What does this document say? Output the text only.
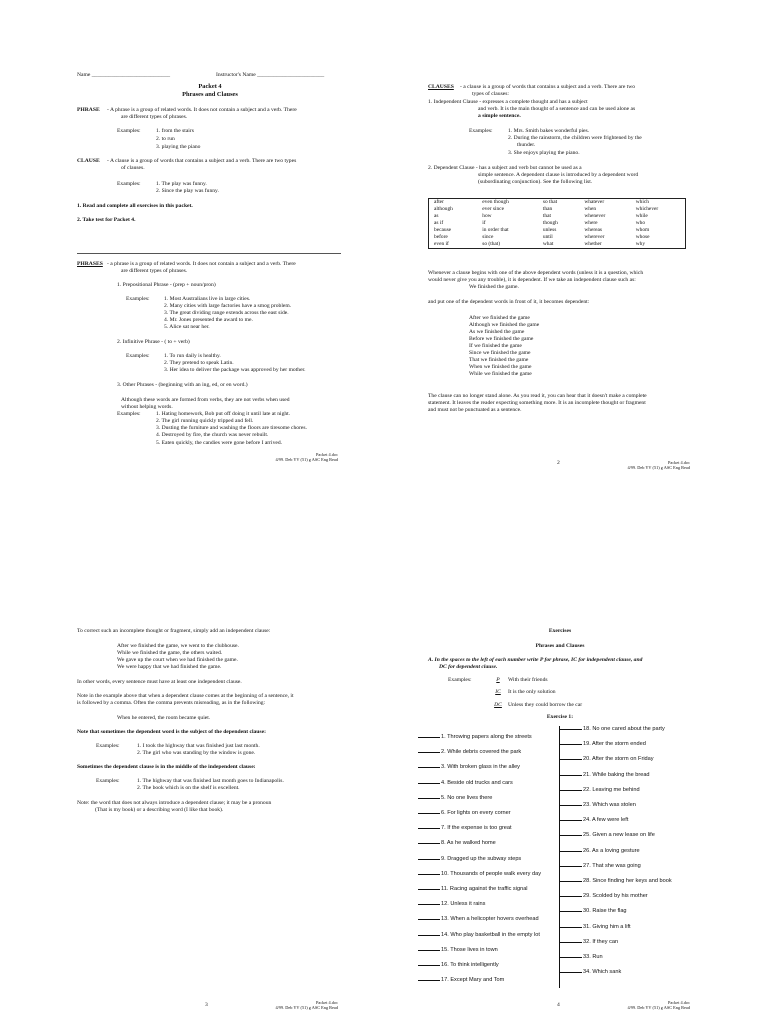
Name ____________________________	Instructor's Name ________________________
Packet 4
Phrases and Clauses
PHRASE - A phrase is a group of related words. It does not contain a subject and a verb. There
are different types of phrases.
Examples:	1. from the stairs
2. to run
3. playing the piano
CLAUSE - A clause is a group of words that contains a subject and a verb. There are two types
of clauses.
Examples:	1. The play was funny.
2. Since the play was funny.
1. Read and complete all exercises in this packet.
2. Take test for Packet 4.
PHRASES - a phrase is a group of related words. It does not contain a subject and a verb. There
are different types of phrases.
1. Prepositional Phrase - (prep + noun/pron)
Examples:	1. Most Australians live in large cities.
2. Many cities with large factories have a smog problem.
3. The great dividing range extends across the east side.
4. Mr. Jones presented the award to me.
5. Alice sat near her.
2. Infinitive Phrase - ( to + verb)
Examples:	1. To run daily is healthy.
2. They pretend to speak Latin.
3. Her idea to deliver the package was approved by her mother.
3. Other Phrases - (beginning with an ing, ed, or en word.)
Although these words are formed from verbs, they are not verbs when used
without helping words.
Examples:	1. Hating homework, Bob put off doing it until late at night.
2. The girl running quickly tripped and fell.
3. Dusting the furniture and washing the floors are tiresome chores.
4. Destroyed by fire, the church was never rebuilt.
5. Eaten quickly, the candies were gone before I arrived.
Packet 4.doc
4/99. Deb YV (51) g ASC Eng Read
CLAUSES - a clause is a group of words that contains a subject and a verb. There are two
types of clauses:
1. Independent Clause - expresses a complete thought and has a subject
and verb. It is the main thought of a sentence and can be used alone as
a simple sentence.
Examples:	1. Mrs. Smith bakes wonderful pies.
2. During the rainstorm, the children were frightened by the
thunder.
3. She enjoys playing the piano.
2. Dependent Clause - has a subject and verb but cannot be used as a
simple sentence. A dependent clause is introduced by a dependent word
(subordinating conjunction). See the following list.
after	even though	so that	whatever	which
although	ever since	than	when	whichever
as	how	that	whenever	while
as if	if	though	where	who
because	in order that	unless	whereas	whom
before	since	until	wherever	whose
even if	so (that)	what	whether	why
Whenever a clause begins with one of the above dependent words (unless it is a question, which
would never give you any trouble), it is dependent. If we take an independent clause such as:
We finished the game.
and put one of the dependent words in front of it, it becomes dependent:
After we finished the game
Although we finished the game
As we finished the game
Before we finished the game
If we finished the game
Since we finished the game
That we finished the game
When we finished the game
While we finished the game
The clause can no longer stand alone. As you read it, you can hear that it doesn't make a complete
statement. It leaves the reader expecting something more. It is an incomplete thought or fragment
and must not be punctuated as a sentence.
2	Packet 4.doc
4/99. Deb YV (51) g ASC Eng Read
To correct such an incomplete thought or fragment, simply add an independent clause:
After we finished the game, we went to the clubhouse.
While we finished the game, the others waited.
We gave up the court when we had finished the game.
We were happy that we had finished the game.
In other words, every sentence must have at least one independent clause.
Note in the example above that when a dependent clause comes at the beginning of a sentence, it
is followed by a comma. Often the comma prevents misreading, as in the following:
When he entered, the room became quiet.
Note that sometimes the dependent word is the subject of the dependent clause:
Examples:	1. I took the highway that was finished just last month.
2. The girl who was standing by the window is gone.
Sometimes the dependent clause is in the middle of the independent clause:
Examples:	1. The highway that was finished last month goes to Indianapolis.
2. The book which is on the shelf is excellent.
Note: the word that does not always introduce a dependent clause; it may be a pronoun
(That is my book) or a describing word (I like that book).
3	Packet 4.doc
4/99. Deb YV (51) g ASC Eng Read
Exercises
Phrases and Clauses
A. In the spaces to the left of each number write P for phrase, IC for independent clause, and
DC for dependent clause.
Examples:	P With their friends
IC It is the only solution
DC Unless they could borrow the car
Exercise 1:
4	Packet 4.doc
4/99. Deb YV (51) g ASC Eng Read
1. Throwing papers along the streets
2. While debris covered the park
3. With broken glass in the alley
4. Beside old trucks and cars
5. No one lives there
6. For lights on every corner
7. If the expense is too great
8. As he walked home
9. Dragged up the subway steps
10. Thousands of people walk every day
11. Racing against the traffic signal
12. Unless it rains
13. When a helicopter hovers overhead
14. Who play basketball in the empty lot
15. Those lives in town
16. To think intelligently
17. Except Mary and Tom
18. No one cared about the party
19. After the storm ended
20. After the storm on Friday
21. While baking the bread
22. Leaving me behind
23. Which was stolen
24. A few were left
25. Given a new lease on life
26. As a loving gesture
27. That she was going
28. Since finding her keys and book
29. Scolded by his mother
30. Raise the flag
31. Giving him a lift
32. If they can
33. Run
34. Which sank
